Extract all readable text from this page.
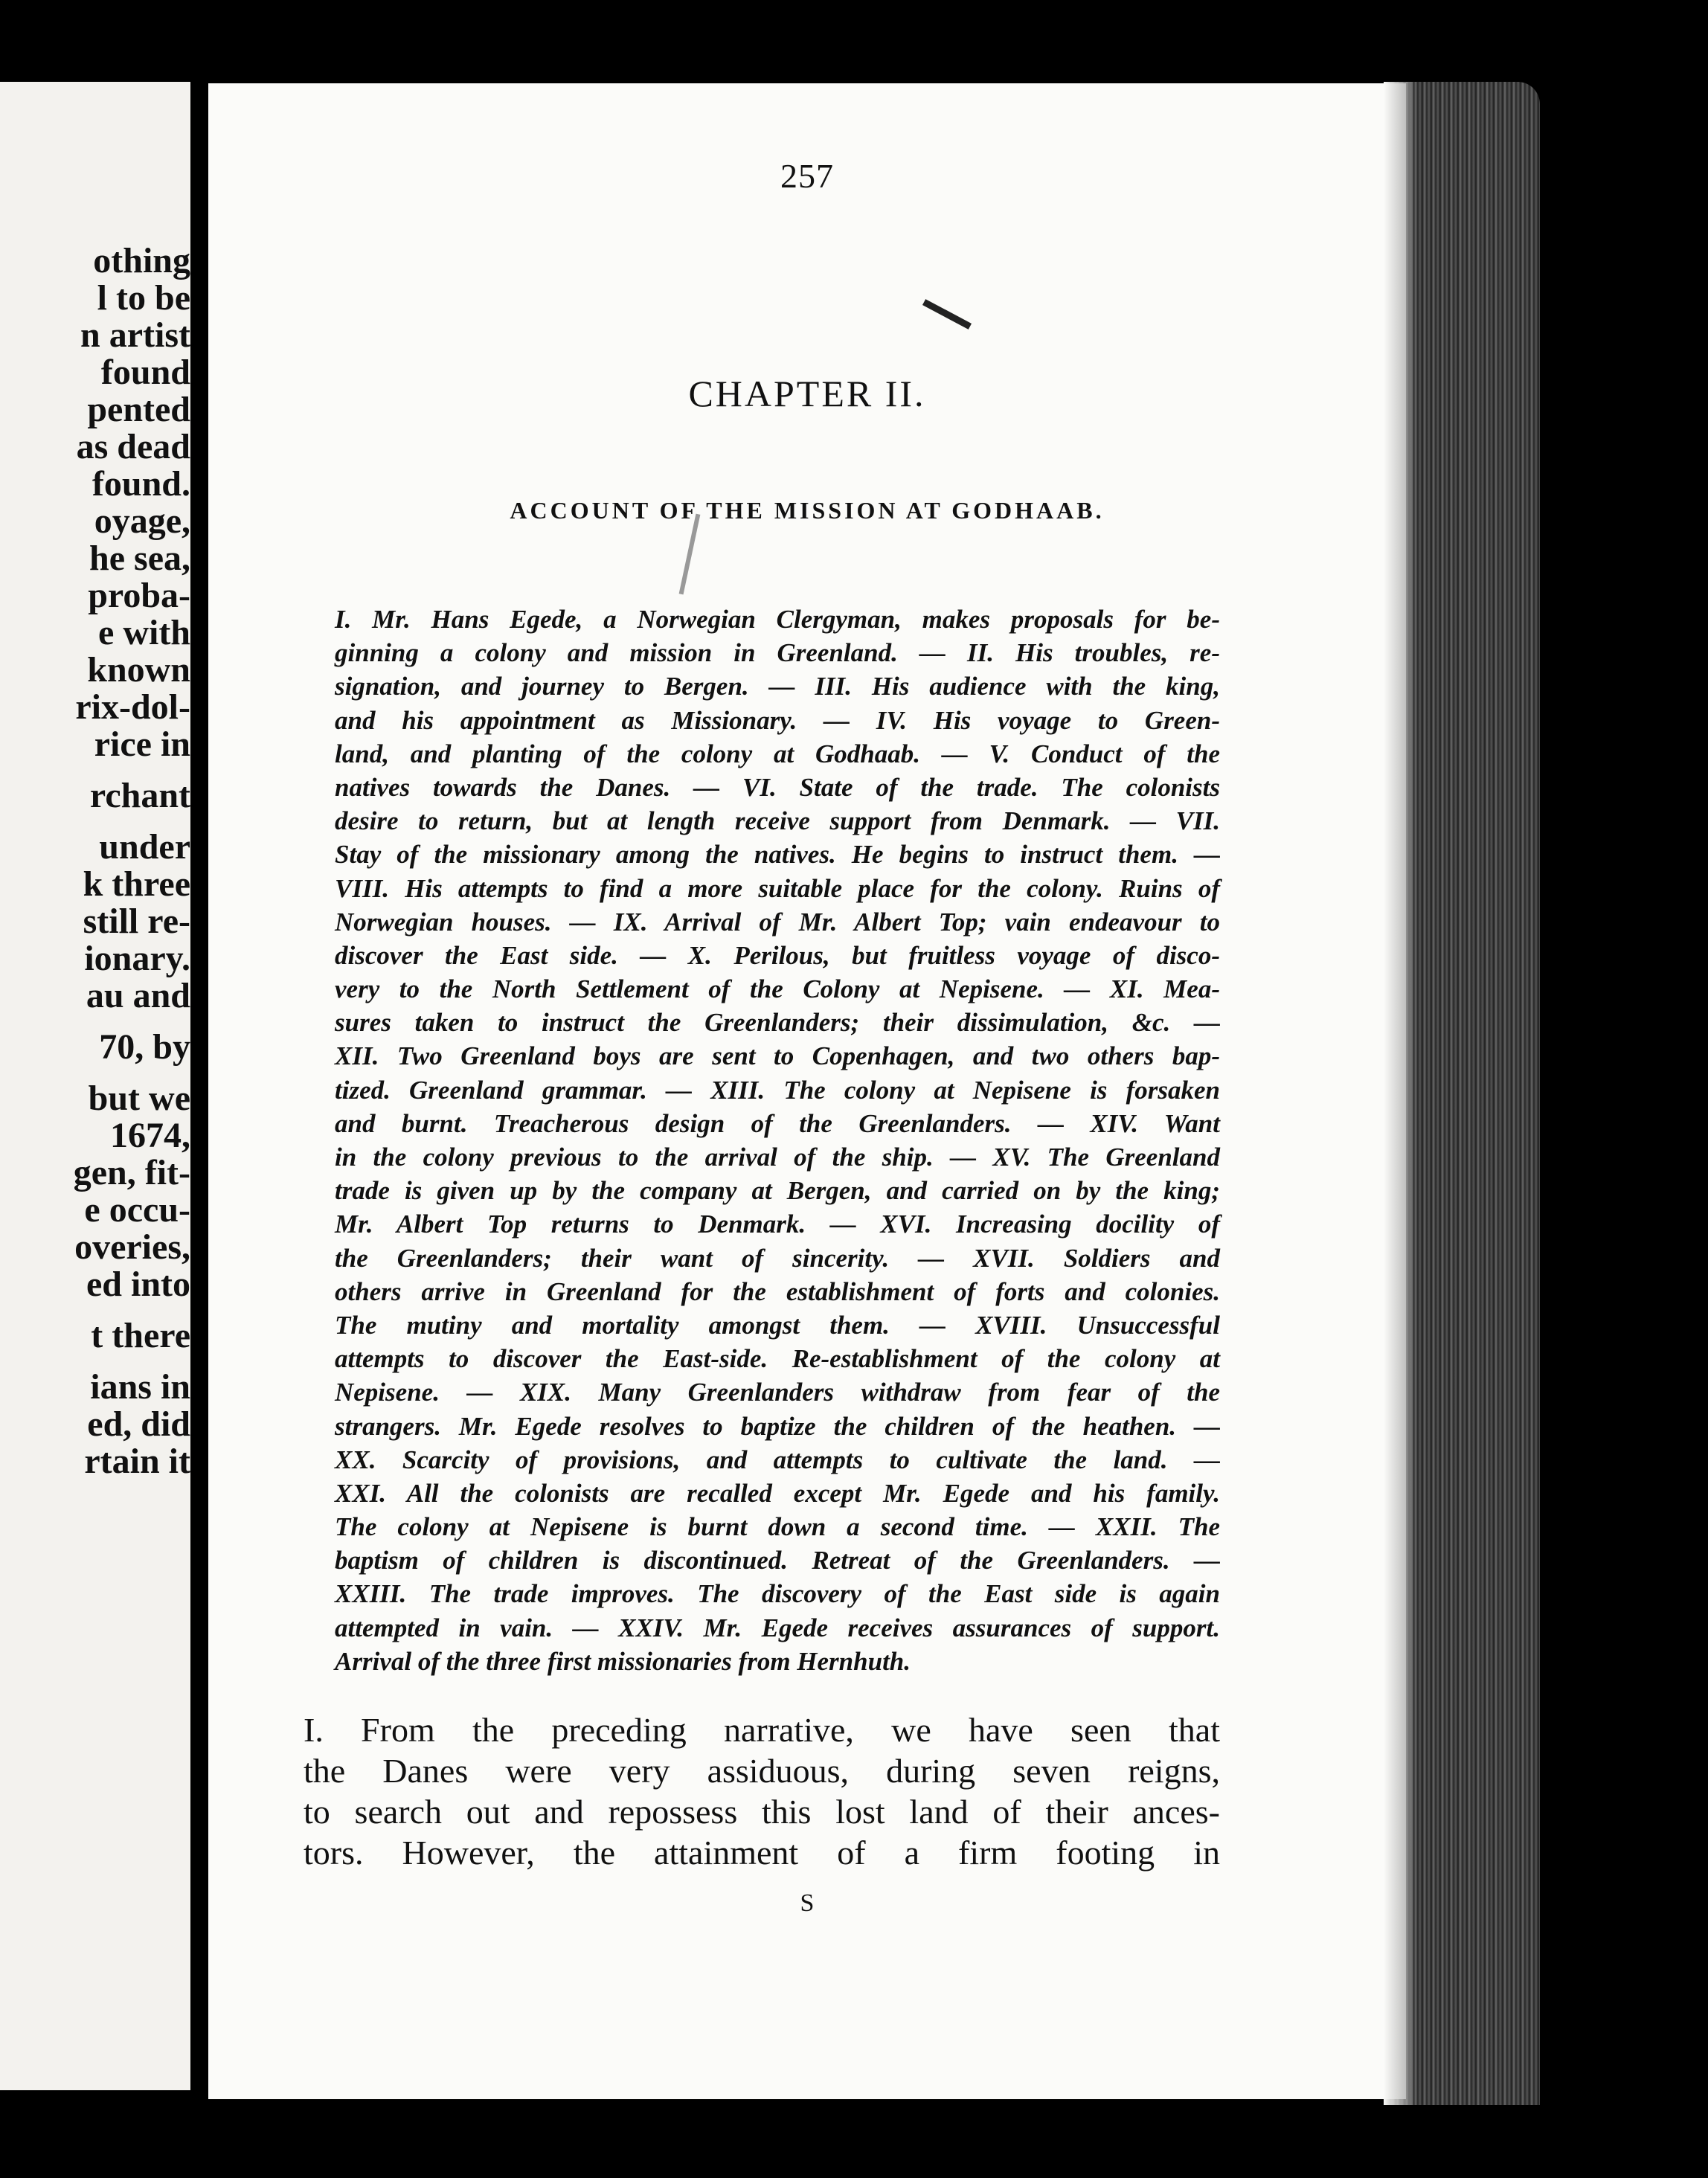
othing
l to be
n artist
found
pented
as dead
found.
oyage,
he sea,
proba-
e with
known
rix-dol-
rice in
rchant
under
k three
still re-
ionary.
au and
70, by
but we
1674,
gen, fit-
e occu-
overies,
ed into
t there
ians in
ed, did
rtain it
257
CHAPTER II.
ACCOUNT OF THE MISSION AT GODHAAB.
I. Mr. Hans Egede, a Norwegian Clergyman, makes proposals for be-
ginning a colony and mission in Greenland. — II. His troubles, re-
signation, and journey to Bergen. — III. His audience with the king,
and his appointment as Missionary. — IV. His voyage to Green-
land, and planting of the colony at Godhaab. — V. Conduct of the
natives towards the Danes. — VI. State of the trade. The colonists
desire to return, but at length receive support from Denmark. — VII.
Stay of the missionary among the natives. He begins to instruct them. —
VIII. His attempts to find a more suitable place for the colony. Ruins of
Norwegian houses. — IX. Arrival of Mr. Albert Top; vain endeavour to
discover the East side. — X. Perilous, but fruitless voyage of disco-
very to the North Settlement of the Colony at Nepisene. — XI. Mea-
sures taken to instruct the Greenlanders; their dissimulation, &c. —
XII. Two Greenland boys are sent to Copenhagen, and two others bap-
tized. Greenland grammar. — XIII. The colony at Nepisene is forsaken
and burnt. Treacherous design of the Greenlanders. — XIV. Want
in the colony previous to the arrival of the ship. — XV. The Greenland
trade is given up by the company at Bergen, and carried on by the king;
Mr. Albert Top returns to Denmark. — XVI. Increasing docility of
the Greenlanders; their want of sincerity. — XVII. Soldiers and
others arrive in Greenland for the establishment of forts and colonies.
The mutiny and mortality amongst them. — XVIII. Unsuccessful
attempts to discover the East-side. Re-establishment of the colony at
Nepisene. — XIX. Many Greenlanders withdraw from fear of the
strangers. Mr. Egede resolves to baptize the children of the heathen. —
XX. Scarcity of provisions, and attempts to cultivate the land. —
XXI. All the colonists are recalled except Mr. Egede and his family.
The colony at Nepisene is burnt down a second time. — XXII. The
baptism of children is discontinued. Retreat of the Greenlanders. —
XXIII. The trade improves. The discovery of the East side is again
attempted in vain. — XXIV. Mr. Egede receives assurances of support.
Arrival of the three first missionaries from Hernhuth.
I. From the preceding narrative, we have seen that
the Danes were very assiduous, during seven reigns,
to search out and repossess this lost land of their ances-
tors. However, the attainment of a firm footing in
S
